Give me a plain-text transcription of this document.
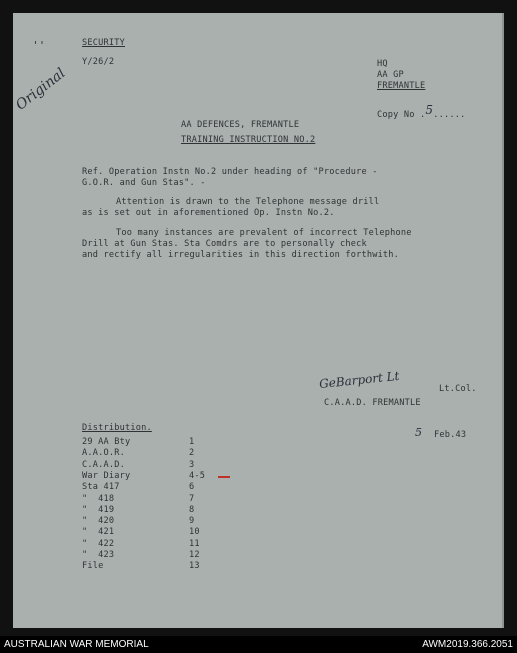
' '	SECURITY
Y/26/2	HQ
AA GP
FREMANTLE
Copy No .5......
Original
AA DEFENCES, FREMANTLE
TRAINING INSTRUCTION NO.2
Ref. Operation Instn No.2 under heading of "Procedure -
G.O.R. and Gun Stas". -
Attention is drawn to the Telephone message drill
as is set out in aforementioned Op. Instn No.2.
Too many instances are prevalent of incorrect Telephone
Drill at Gun Stas. Sta Comdrs are to personally check
and rectify all irregularities in this direction forthwith.
GeBarport Lt	Lt.Col.
C.A.A.D. FREMANTLE
5 Feb.43
Distribution.
29 AA Bty	1
A.A.O.R.	2
C.A.A.D.	3
War Diary	4-5
Sta 417	6
"  418	7
"  419	8
"  420	9
"  421	10
"  422	11
"  423	12
File	13
AUSTRALIAN WAR MEMORIAL	AWM2019.366.2051
